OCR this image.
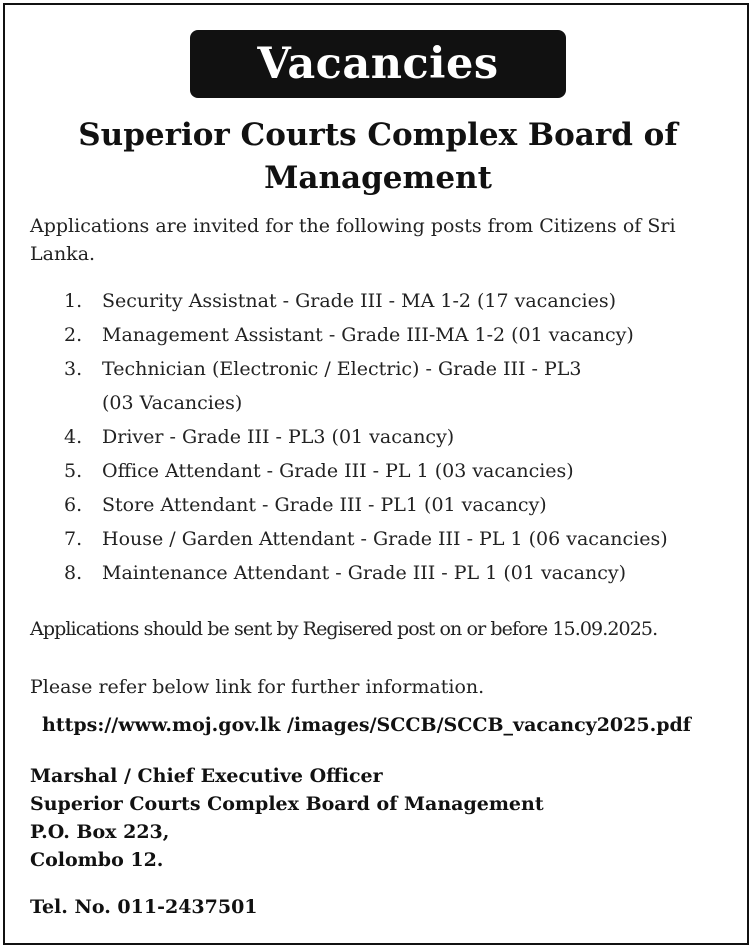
Vacancies
Superior Courts Complex Board of
Management
Applications are invited for the following posts from Citizens of Sri Lanka.
1.	Security Assistnat - Grade III - MA 1-2 (17 vacancies)
2.	Management Assistant - Grade III-MA 1-2 (01 vacancy)
3.	Technician (Electronic / Electric) - Grade III - PL3
(03 Vacancies)
4.	Driver - Grade III - PL3 (01 vacancy)
5.	Office Attendant - Grade III - PL 1 (03 vacancies)
6.	Store Attendant - Grade III - PL1 (01 vacancy)
7.	House / Garden Attendant - Grade III - PL 1 (06 vacancies)
8.	Maintenance Attendant - Grade III - PL 1 (01 vacancy)
Applications should be sent by Regisered post on or before 15.09.2025.
Please refer below link for further information.
https://www.moj.gov.lk /images/SCCB/SCCB_vacancy2025.pdf
Marshal / Chief Executive Officer
Superior Courts Complex Board of Management
P.O. Box 223,
Colombo 12.
Tel. No. 011-2437501
